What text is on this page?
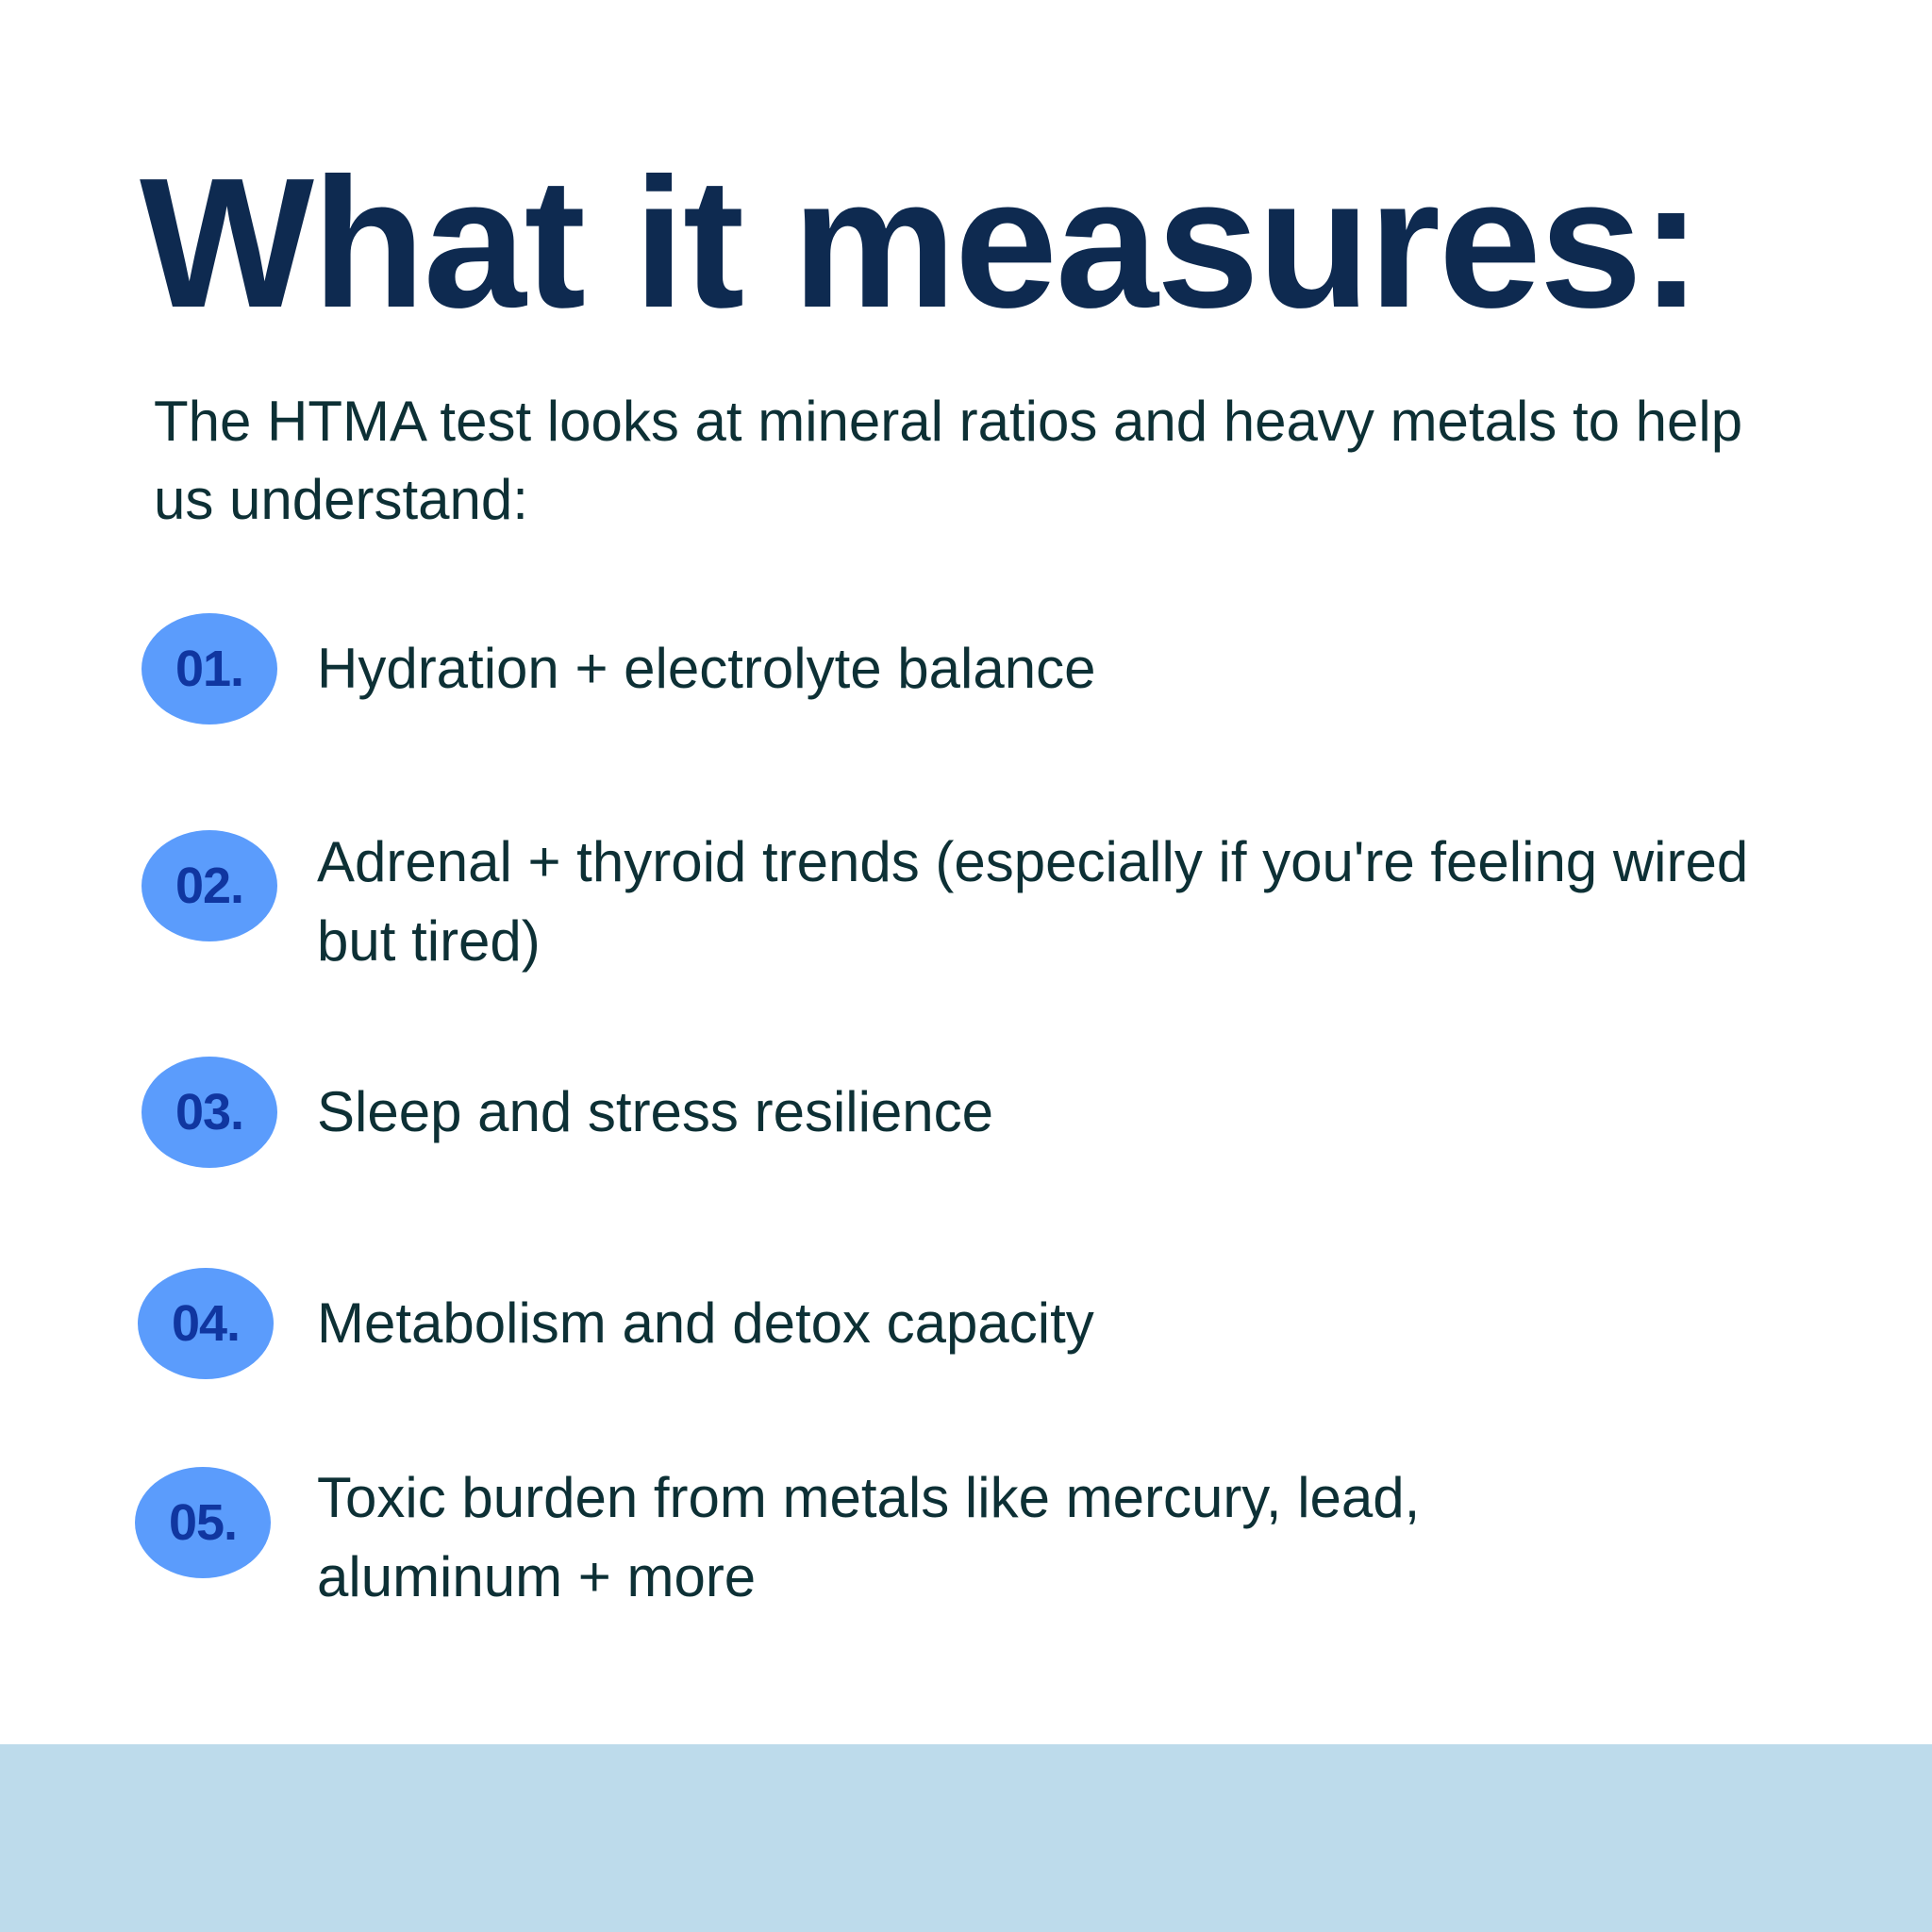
What it measures:
The HTMA test looks at mineral ratios and heavy metals to help us understand:
01.	Hydration + electrolyte balance
02.	Adrenal + thyroid trends (especially if you're feeling wired but tired)
03.	Sleep and stress resilience
04.	Metabolism and detox capacity
05.	Toxic burden from metals like mercury, lead, aluminum + more
